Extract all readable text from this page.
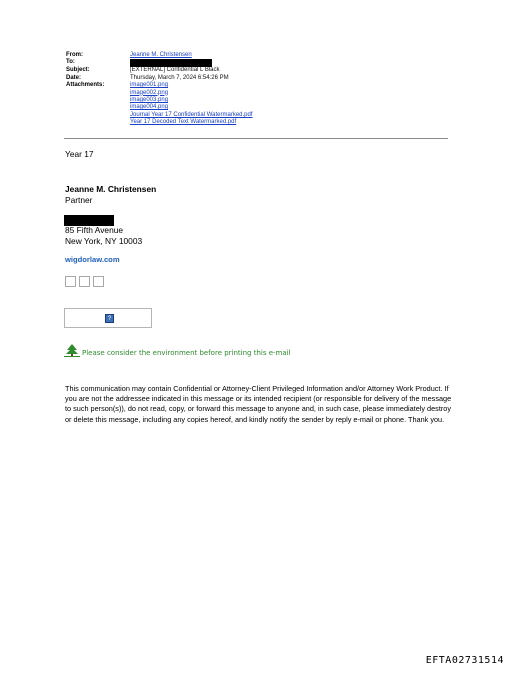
From:	Jeanne M. Christensen
To:
Subject:	[EXTERNAL] Confidential L Black
Date:	Thursday, March 7, 2024 6:54:26 PM
Attachments:	image001.png
image002.png
image003.png
image004.png
Journal Year 17 Confidential Watermarked.pdf
Year 17 Decoded Text Watermarked.pdf
Year 17
Jeanne M. Christensen
Partner
85 Fifth Avenue
New York, NY 10003
wigdorlaw.com
?
Please consider the environment before printing this e-mail
This communication may contain Confidential or Attorney-Client Privileged Information and/or Attorney Work Product. If you are not the addressee indicated in this message or its intended recipient (or responsible for delivery of the message to such person(s)), do not read, copy, or forward this message to anyone and, in such case, please immediately destroy or delete this message, including any copies hereof, and kindly notify the sender by reply e-mail or phone. Thank you.
EFTA02731514
